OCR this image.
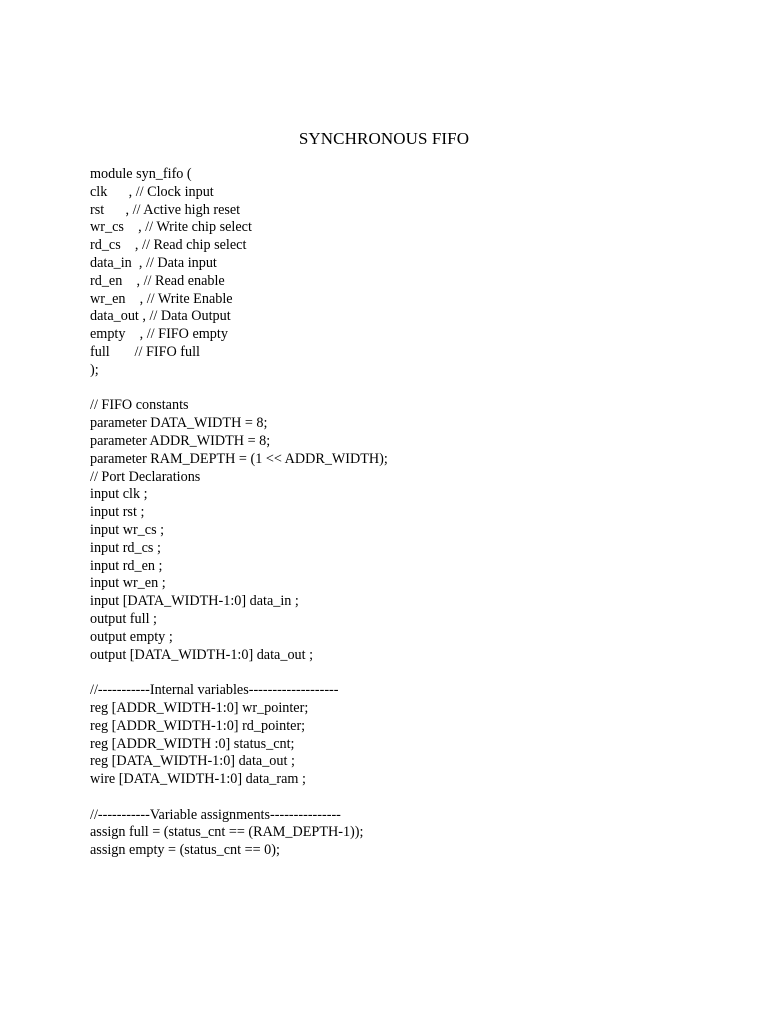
SYNCHRONOUS FIFO
module syn_fifo (
clk      , // Clock input
rst      , // Active high reset
wr_cs    , // Write chip select
rd_cs    , // Read chip select
data_in  , // Data input
rd_en    , // Read enable
wr_en    , // Write Enable
data_out , // Data Output
empty    , // FIFO empty
full       // FIFO full
);
// FIFO constants
parameter DATA_WIDTH = 8;
parameter ADDR_WIDTH = 8;
parameter RAM_DEPTH = (1 << ADDR_WIDTH);
// Port Declarations
input clk ;
input rst ;
input wr_cs ;
input rd_cs ;
input rd_en ;
input wr_en ;
input [DATA_WIDTH-1:0] data_in ;
output full ;
output empty ;
output [DATA_WIDTH-1:0] data_out ;
//-----------Internal variables-------------------
reg [ADDR_WIDTH-1:0] wr_pointer;
reg [ADDR_WIDTH-1:0] rd_pointer;
reg [ADDR_WIDTH :0] status_cnt;
reg [DATA_WIDTH-1:0] data_out ;
wire [DATA_WIDTH-1:0] data_ram ;
//-----------Variable assignments---------------
assign full = (status_cnt == (RAM_DEPTH-1));
assign empty = (status_cnt == 0);
